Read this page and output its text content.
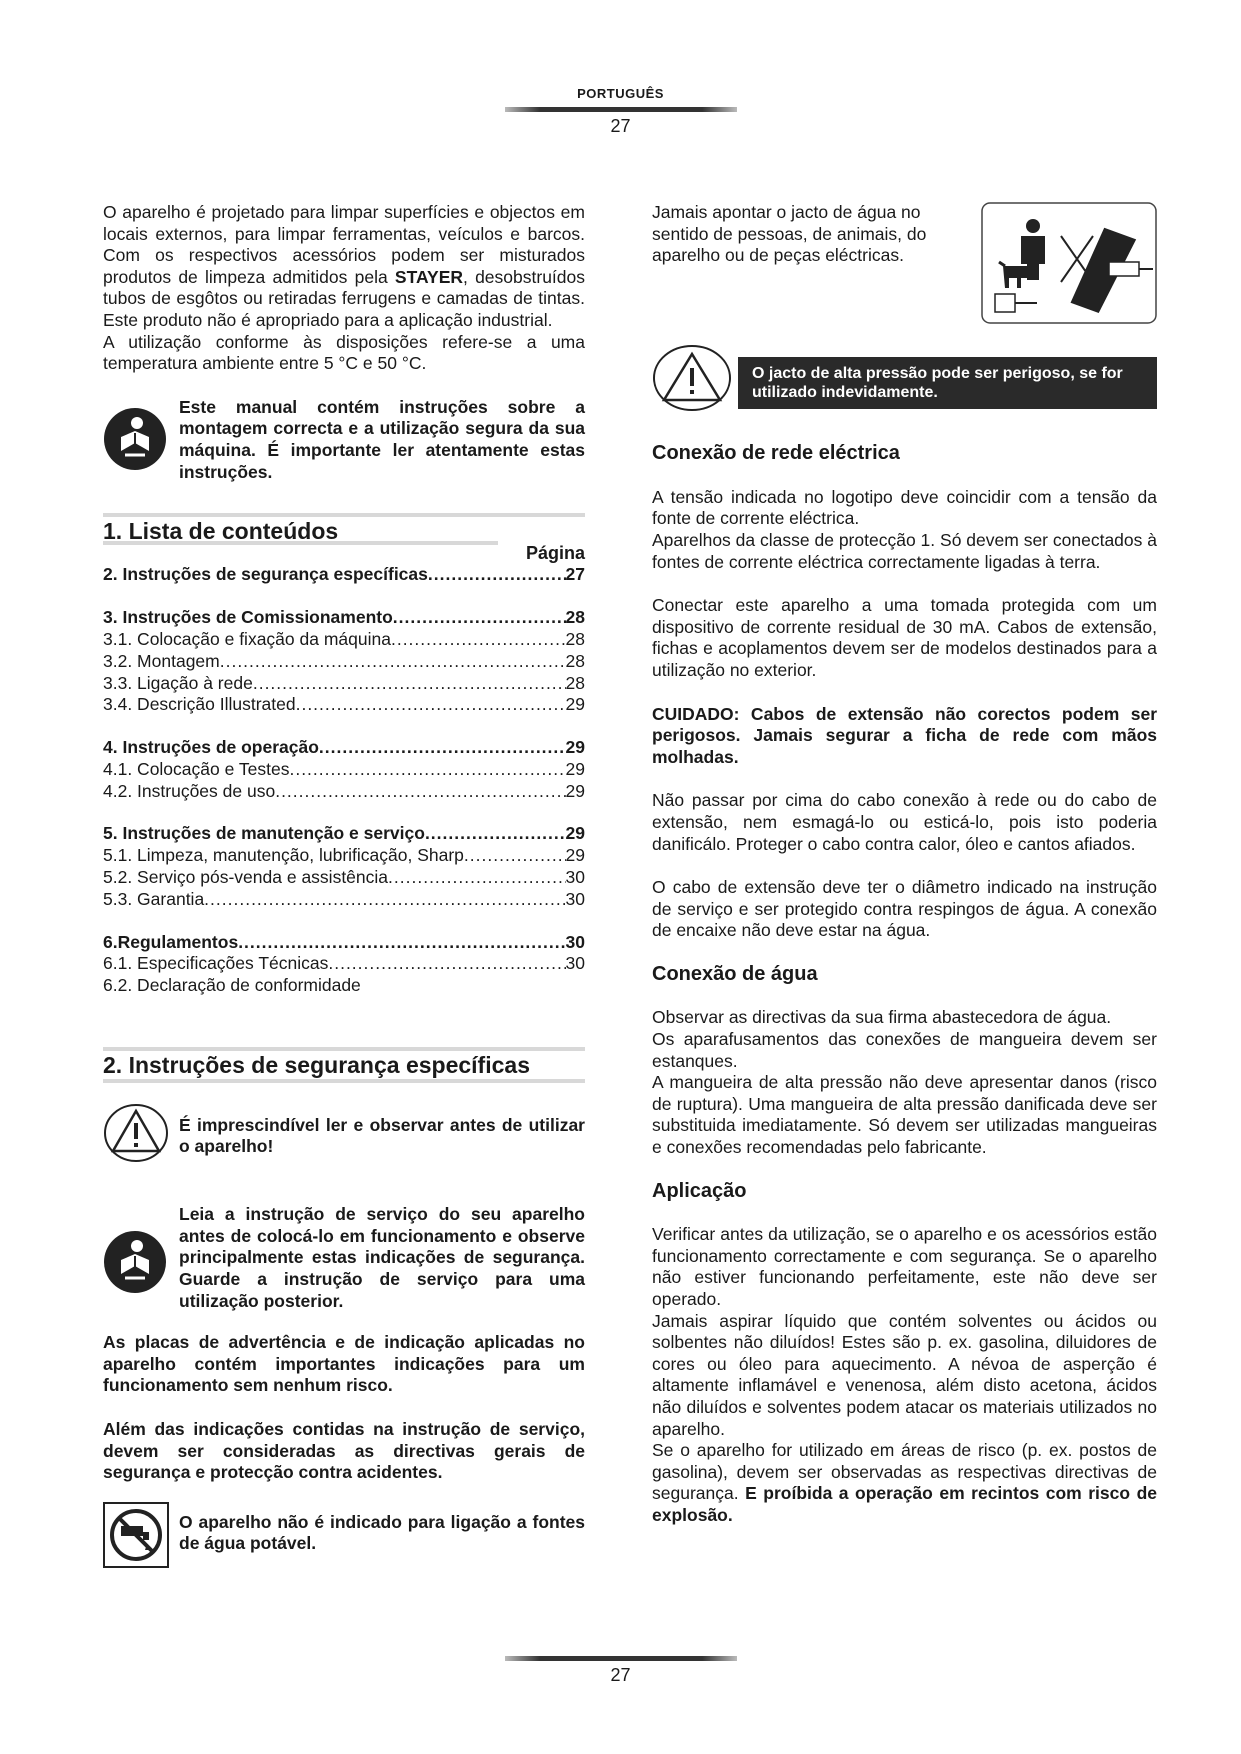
PORTUGUÊS
27

O aparelho é projetado para limpar superfícies e objectos em locais externos, para limpar ferramentas, veículos e barcos. Com os respectivos acessórios podem ser misturados produtos de limpeza admitidos pela STAYER, desobstruídos tubos de esgôtos ou retiradas ferrugens e camadas de tintas. Este produto não é apropriado para a aplicação industrial.

A utilização conforme às disposições refere-se a uma temperatura ambiente entre 5 °C e 50 °C.

Este manual contém instruções sobre a montagem correcta e a utilização segura da sua máquina. É importante ler atentamente estas instruções.

1. Lista de conteúdos

Página

2. Instruções de segurança específicas .....	27
3. Instruções de Comissionamento .....	28
3.1. Colocação e fixação da máquina .....	28
3.2. Montagem .....	28
3.3. Ligação à rede .....	28
3.4. Descrição Illustrated .....	29
4. Instruções de operação .....	29
4.1. Colocação e Testes .....	29
4.2. Instruções de uso .....	29
5. Instruções de manutenção e serviço .....	29
5.1. Limpeza, manutenção, lubrificação, Sharp .....	29
5.2. Serviço pós-venda e assistência .....	30
5.3. Garantia .....	30
6.Regulamentos .....	30
6.1. Especificações Técnicas .....	30

6.2. Declaração de conformidade

2. Instruções de segurança específicas

É imprescindível ler e observar antes de utilizar o aparelho!

Leia a instrução de serviço do seu aparelho antes de colocá-lo em funcionamento e observe principalmente estas indicações de segurança. Guarde a instrução de serviço para uma utilização posterior.

As placas de advertência e de indicação aplicadas no aparelho contém importantes indicações para um funcionamento sem nenhum risco.

Além das indicações contidas na instrução de serviço, devem ser consideradas as directivas gerais de segurança e protecção contra acidentes.

O aparelho não é indicado para ligação a fontes de água potável.

Jamais apontar o jacto de água no sentido de pessoas, de animais, do aparelho ou de peças eléctricas.

O jacto de alta pressão pode ser perigoso, se for utilizado indevidamente.

Conexão de rede eléctrica

A tensão indicada no logotipo deve coincidir com a tensão da fonte de corrente eléctrica.

Aparelhos da classe de protecção 1. Só devem ser conectados à fontes de corrente eléctrica correctamente ligadas à terra.

Conectar este aparelho a uma tomada protegida com um dispositivo de corrente residual de 30 mA. Cabos de extensão, fichas e acoplamentos devem ser de modelos destinados para a utilização no exterior.

CUIDADO: Cabos de extensão não corectos podem ser perigosos. Jamais segurar a ficha de rede com mãos molhadas.

Não passar por cima do cabo conexão à rede ou do cabo de extensão, nem esmagá-lo ou esticá-lo, pois isto poderia danificálo. Proteger o cabo contra calor, óleo e cantos afiados.

O cabo de extensão deve ter o diâmetro indicado na instrução de serviço e ser protegido contra respingos de água. A conexão de encaixe não deve estar na água.

Conexão de água

Observar as directivas da sua firma abastecedora de água.

Os aparafusamentos das conexões de mangueira devem ser estanques.

A mangueira de alta pressão não deve apresentar danos (risco de ruptura). Uma mangueira de alta pressão danificada deve ser substituida imediatamente. Só devem ser utilizadas mangueiras e conexões recomendadas pelo fabricante.

Aplicação

Verificar antes da utilização, se o aparelho e os acessórios estão funcionamento correctamente e com segurança. Se o aparelho não estiver funcionando perfeitamente, este não deve ser operado.

Jamais aspirar líquido que contém solventes ou ácidos ou solbentes não diluídos! Estes são p. ex. gasolina, diluidores de cores ou óleo para aquecimento. A névoa de asperção é altamente inflamável e venenosa, além disto acetona, ácidos não diluídos e solventes podem atacar os materiais utilizados no aparelho.

Se o aparelho for utilizado em áreas de risco (p. ex. postos de gasolina), devem ser observadas as respectivas directivas de segurança. E proíbida a operação em recintos com risco de explosão.

27
